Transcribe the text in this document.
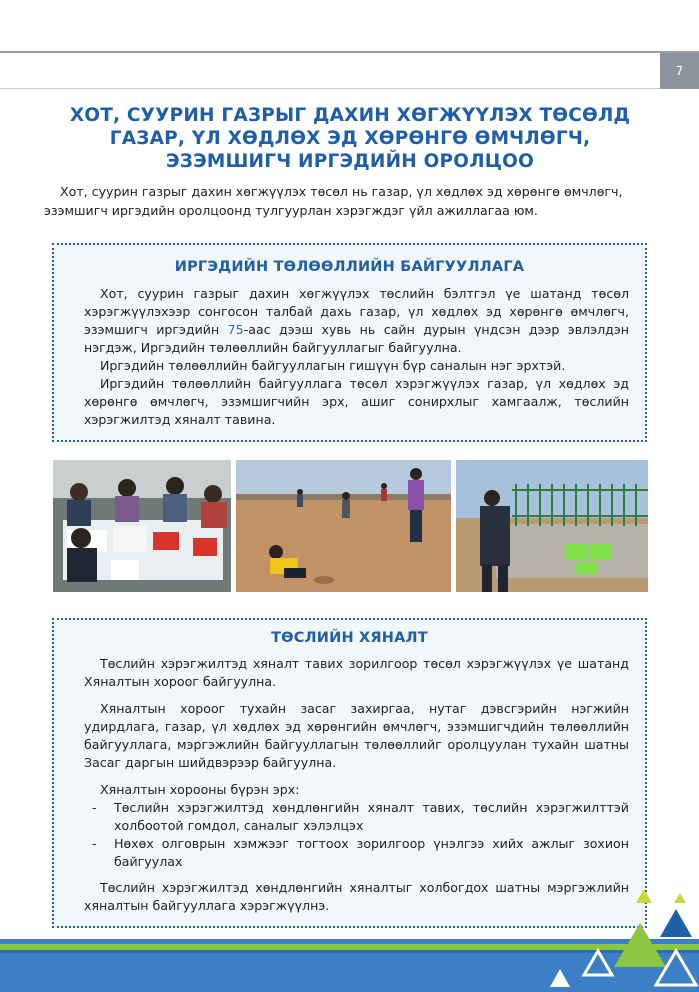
7
ХОТ, СУУРИН ГАЗРЫГ ДАХИН ХӨГЖҮҮЛЭХ ТӨСӨЛД
ГАЗАР, ҮЛ ХӨДЛӨХ ЭД ХӨРӨНГӨ ӨМЧЛӨГЧ,
ЭЗЭМШИГЧ ИРГЭДИЙН ОРОЛЦОО
Хот, суурин газрыг дахин хөгжүүлэх төсөл нь газар, үл хөдлөх эд хөрөнгө өмчлөгч,
эзэмшигч иргэдийн оролцоонд тулгуурлан хэрэгждэг үйл ажиллагаа юм.
ИРГЭДИЙН ТӨЛӨӨЛЛИЙН БАЙГУУЛЛАГА

Хот, суурин газрыг дахин хөгжүүлэх төслийн бэлтгэл үе шатанд төсөл хэрэгжүүлэхээр сонгосон талбай дахь газар, үл хөдлөх эд хөрөнгө өмчлөгч, эзэмшигч иргэдийн 75-аас дээш хувь нь сайн дурын үндсэн дээр эвлэлдэн нэгдэж, Иргэдийн төлөөллийн байгууллагыг байгуулна.

Иргэдийн төлөөллийн байгууллагын гишүүн бүр саналын нэг эрхтэй.

Иргэдийн төлөөллийн байгууллага төсөл хэрэгжүүлэх газар, үл хөдлөх эд хөрөнгө өмчлөгч, эзэмшигчийн эрх, ашиг сонирхлыг хамгаалж, төслийн хэрэгжилтэд хяналт тавина.

ТӨСЛИЙН ХЯНАЛТ

Төслийн хэрэгжилтэд хяналт тавих зорилгоор төсөл хэрэгжүүлэх үе шатанд Хяналтын хороог байгуулна.

Хяналтын хороог тухайн засаг захиргаа, нутаг дэвсгэрийн нэгжийн удирдлага, газар, үл хөдлөх эд хөрөнгийн өмчлөгч, эзэмшигчдийн төлөөллийн байгууллага, мэргэжлийн байгууллагын төлөөллийг оролцуулан тухайн шатны Засаг даргын шийдвэрээр байгуулна.

Хяналтын хорооны бүрэн эрх:

- Төслийн хэрэгжилтэд хөндлөнгийн хяналт тавих, төслийн хэрэгжилттэй холбоотой гомдол, саналыг хэлэлцэх
- Нөхөх олговрын хэмжээг тогтоох зорилгоор үнэлгээ хийх ажлыг зохион байгуулах

Төслийн хэрэгжилтэд хөндлөнгийн хяналтыг холбогдох шатны мэргэжлийн хяналтын байгууллага хэрэгжүүлнэ.
